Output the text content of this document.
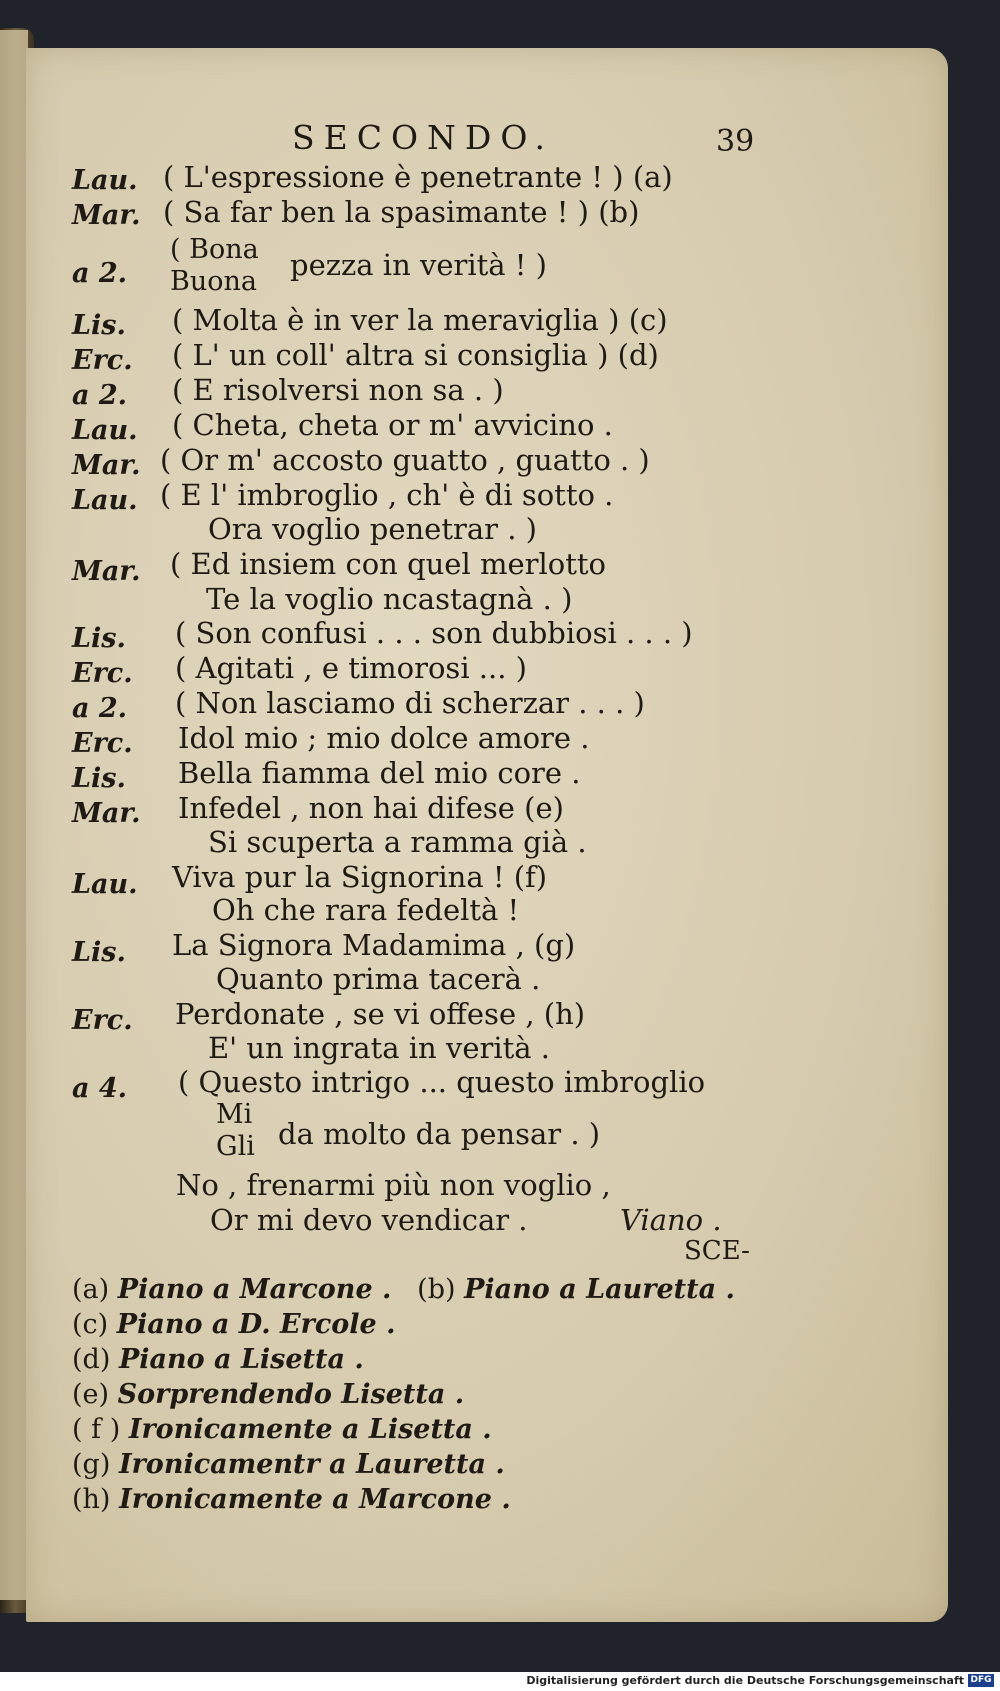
SECONDO.	39
Lau. ( L'espressione è penetrante ! ) (a)
Mar. ( Sa far ben la spasimante ! ) (b)
a 2.
( Bona
Buona pezza in verità ! )
Lis. ( Molta è in ver la meraviglia ) (c)
Erc. ( L' un coll' altra si consiglia ) (d)
a 2. ( E risolversi non sa . )
Lau. ( Cheta, cheta or m' avvicino .
Mar. ( Or m' accosto guatto , guatto . )
Lau. ( E l' imbroglio , ch' è di sotto .
Ora voglio penetrar . )
Mar. ( Ed insiem con quel merlotto
Te la voglio ncastagnà . )
Lis. ( Son confusi . . . son dubbiosi . . . )
Erc. ( Agitati , e timorosi ... )
a 2. ( Non lasciamo di scherzar . . . )
Erc. Idol mio ; mio dolce amore .
Lis. Bella fiamma del mio core .
Mar. Infedel , non hai difese (e)
Si scuperta a ramma già .
Lau. Viva pur la Signorina ! (f)
Oh che rara fedeltà !
Lis. La Signora Madamima , (g)
Quanto prima tacerà .
Erc. Perdonate , se vi offese , (h)
E' un ingrata in verità .
a 4. ( Questo intrigo ... questo imbroglio
Mi
Gli da molto da pensar . )
No , frenarmi più non voglio ,
Or mi devo vendicar .	Viano .
SCE-
(a) Piano a Marcone . (b) Piano a Lauretta .
(c) Piano a D. Ercole .
(d) Piano a Lisetta .
(e) Sorprendendo Lisetta .
( f ) Ironicamente a Lisetta .
(g) Ironicamentr a Lauretta .
(h) Ironicamente a Marcone .
Digitalisierung gefördert durch die Deutsche Forschungsgemeinschaft DFG
